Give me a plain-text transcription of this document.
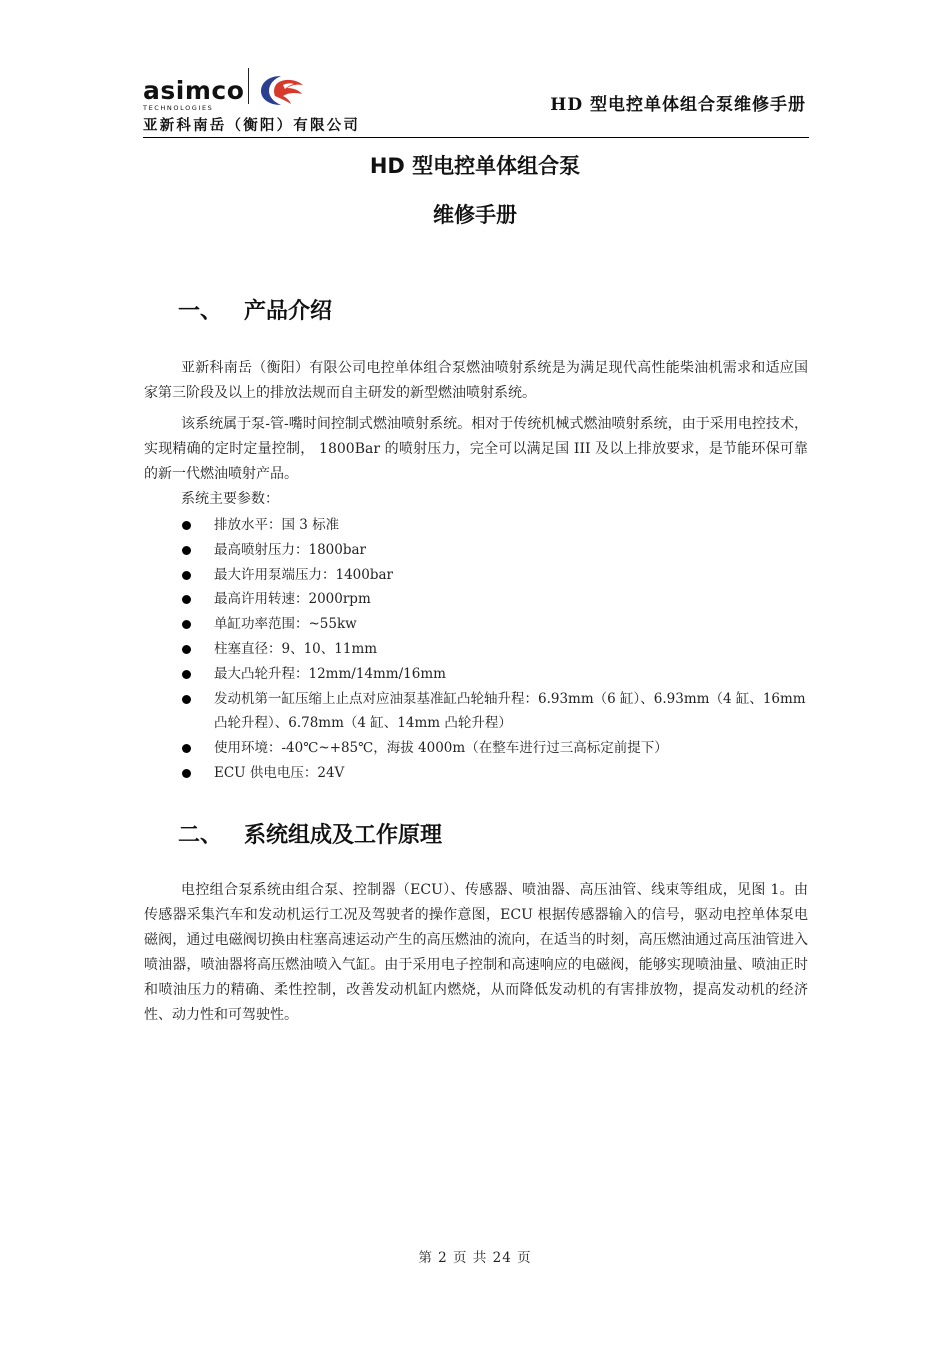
asimco
TECHNOLOGIES
亚新科南岳（衡阳）有限公司
HD 型电控单体组合泵维修手册
HD 型电控单体组合泵
维修手册
一、 产品介绍

亚新科南岳（衡阳）有限公司电控单体组合泵燃油喷射系统是为满足现代高性能柴油机需求和适应国家第三阶段及以上的排放法规而自主研发的新型燃油喷射系统。

该系统属于泵-管-嘴时间控制式燃油喷射系统。相对于传统机械式燃油喷射系统，由于采用电控技术，实现精确的定时定量控制， 1800Bar 的喷射压力，完全可以满足国 III 及以上排放要求，是节能环保可靠的新一代燃油喷射产品。

系统主要参数：
排放水平：国 3 标准
最高喷射压力：1800bar
最大许用泵端压力：1400bar
最高许用转速：2000rpm
单缸功率范围：~55kw
柱塞直径：9、10、11mm
最大凸轮升程：12mm/14mm/16mm
发动机第一缸压缩上止点对应油泵基准缸凸轮轴升程：6.93mm（6 缸）、6.93mm（4 缸、16mm 凸轮升程）、6.78mm（4 缸、14mm 凸轮升程）
使用环境：-40℃~+85℃，海拔 4000m（在整车进行过三高标定前提下）
ECU 供电电压：24V
二、 系统组成及工作原理

电控组合泵系统由组合泵、控制器（ECU）、传感器、喷油器、高压油管、线束等组成，见图 1。由传感器采集汽车和发动机运行工况及驾驶者的操作意图，ECU 根据传感器输入的信号，驱动电控单体泵电磁阀，通过电磁阀切换由柱塞高速运动产生的高压燃油的流向，在适当的时刻，高压燃油通过高压油管进入喷油器，喷油器将高压燃油喷入气缸。由于采用电子控制和高速响应的电磁阀，能够实现喷油量、喷油正时和喷油压力的精确、柔性控制，改善发动机缸内燃烧，从而降低发动机的有害排放物，提高发动机的经济性、动力性和可驾驶性。

第 2 页 共 24 页
